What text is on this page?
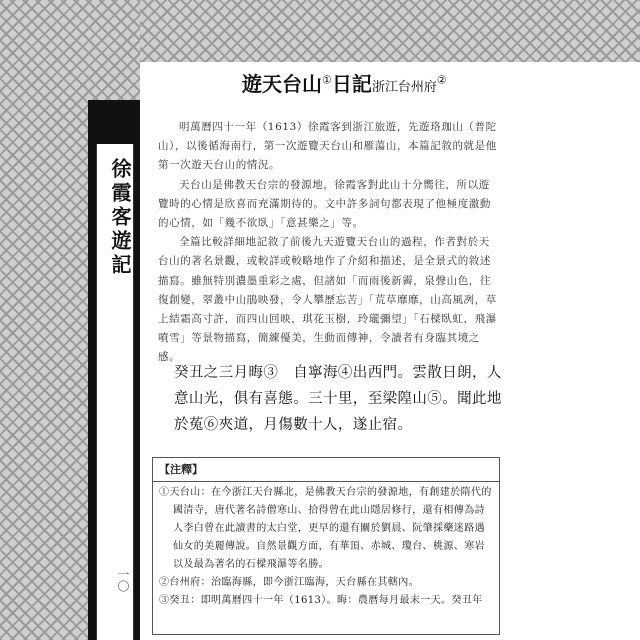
徐霞客遊記
一〇
遊天台山①日記浙江台州府②

明萬曆四十一年（1613）徐霞客到浙江旅遊，先遊珞珈山（普陀山），以後循海南行，第一次遊覽天台山和雁蕩山，本篇記敘的就是他第一次遊天台山的情況。

天台山是佛教天台宗的發源地，徐霞客對此山十分嚮往，所以遊覽時的心情是欣喜而充滿期待的。文中許多詞句都表現了他極度激動的心情，如「幾不欲臥」「意甚樂之」等。

全篇比較詳細地記敘了前後九天遊覽天台山的過程，作者對於天台山的著名景觀，或較詳或較略地作了介紹和描述，是全景式的敘述描寫。雖無特別濃墨重彩之處，但諸如「而雨後新霽，泉聲山色，往復創變，翠叢中山鵑映發，令人攀歷忘苦」「荒草靡靡，山高風冽，草上結霜高寸許，而四山回映，琪花玉樹，玲瓏彌望」「石樑臥虹，飛瀑噴雪」等景物描寫，簡練優美，生動而傳神，令讀者有身臨其境之感。

癸丑之三月晦③　自寧海④出西門。雲散日朗，人意山光，俱有喜態。三十里，至梁隍山⑤。聞此地於菟⑥夾道，月傷數十人，遂止宿。

【注釋】

①天台山：在今浙江天台縣北，是佛教天台宗的發源地，有創建於隋代的國清寺，唐代著名詩僧寒山、拾得曾在此山隱居修行，還有相傳為詩人李白曾在此讀書的太白堂，更早的還有關於劉晨、阮肇採藥迷路遇仙女的美麗傳說。自然景觀方面，有華頂、赤城、瓊台、桃源、寒岩以及最為著名的石樑飛瀑等名勝。

②台州府：治臨海縣，即今浙江臨海，天台縣在其轄內。

③癸丑：即明萬曆四十一年（1613）。晦：農曆每月最末一天。癸丑年
